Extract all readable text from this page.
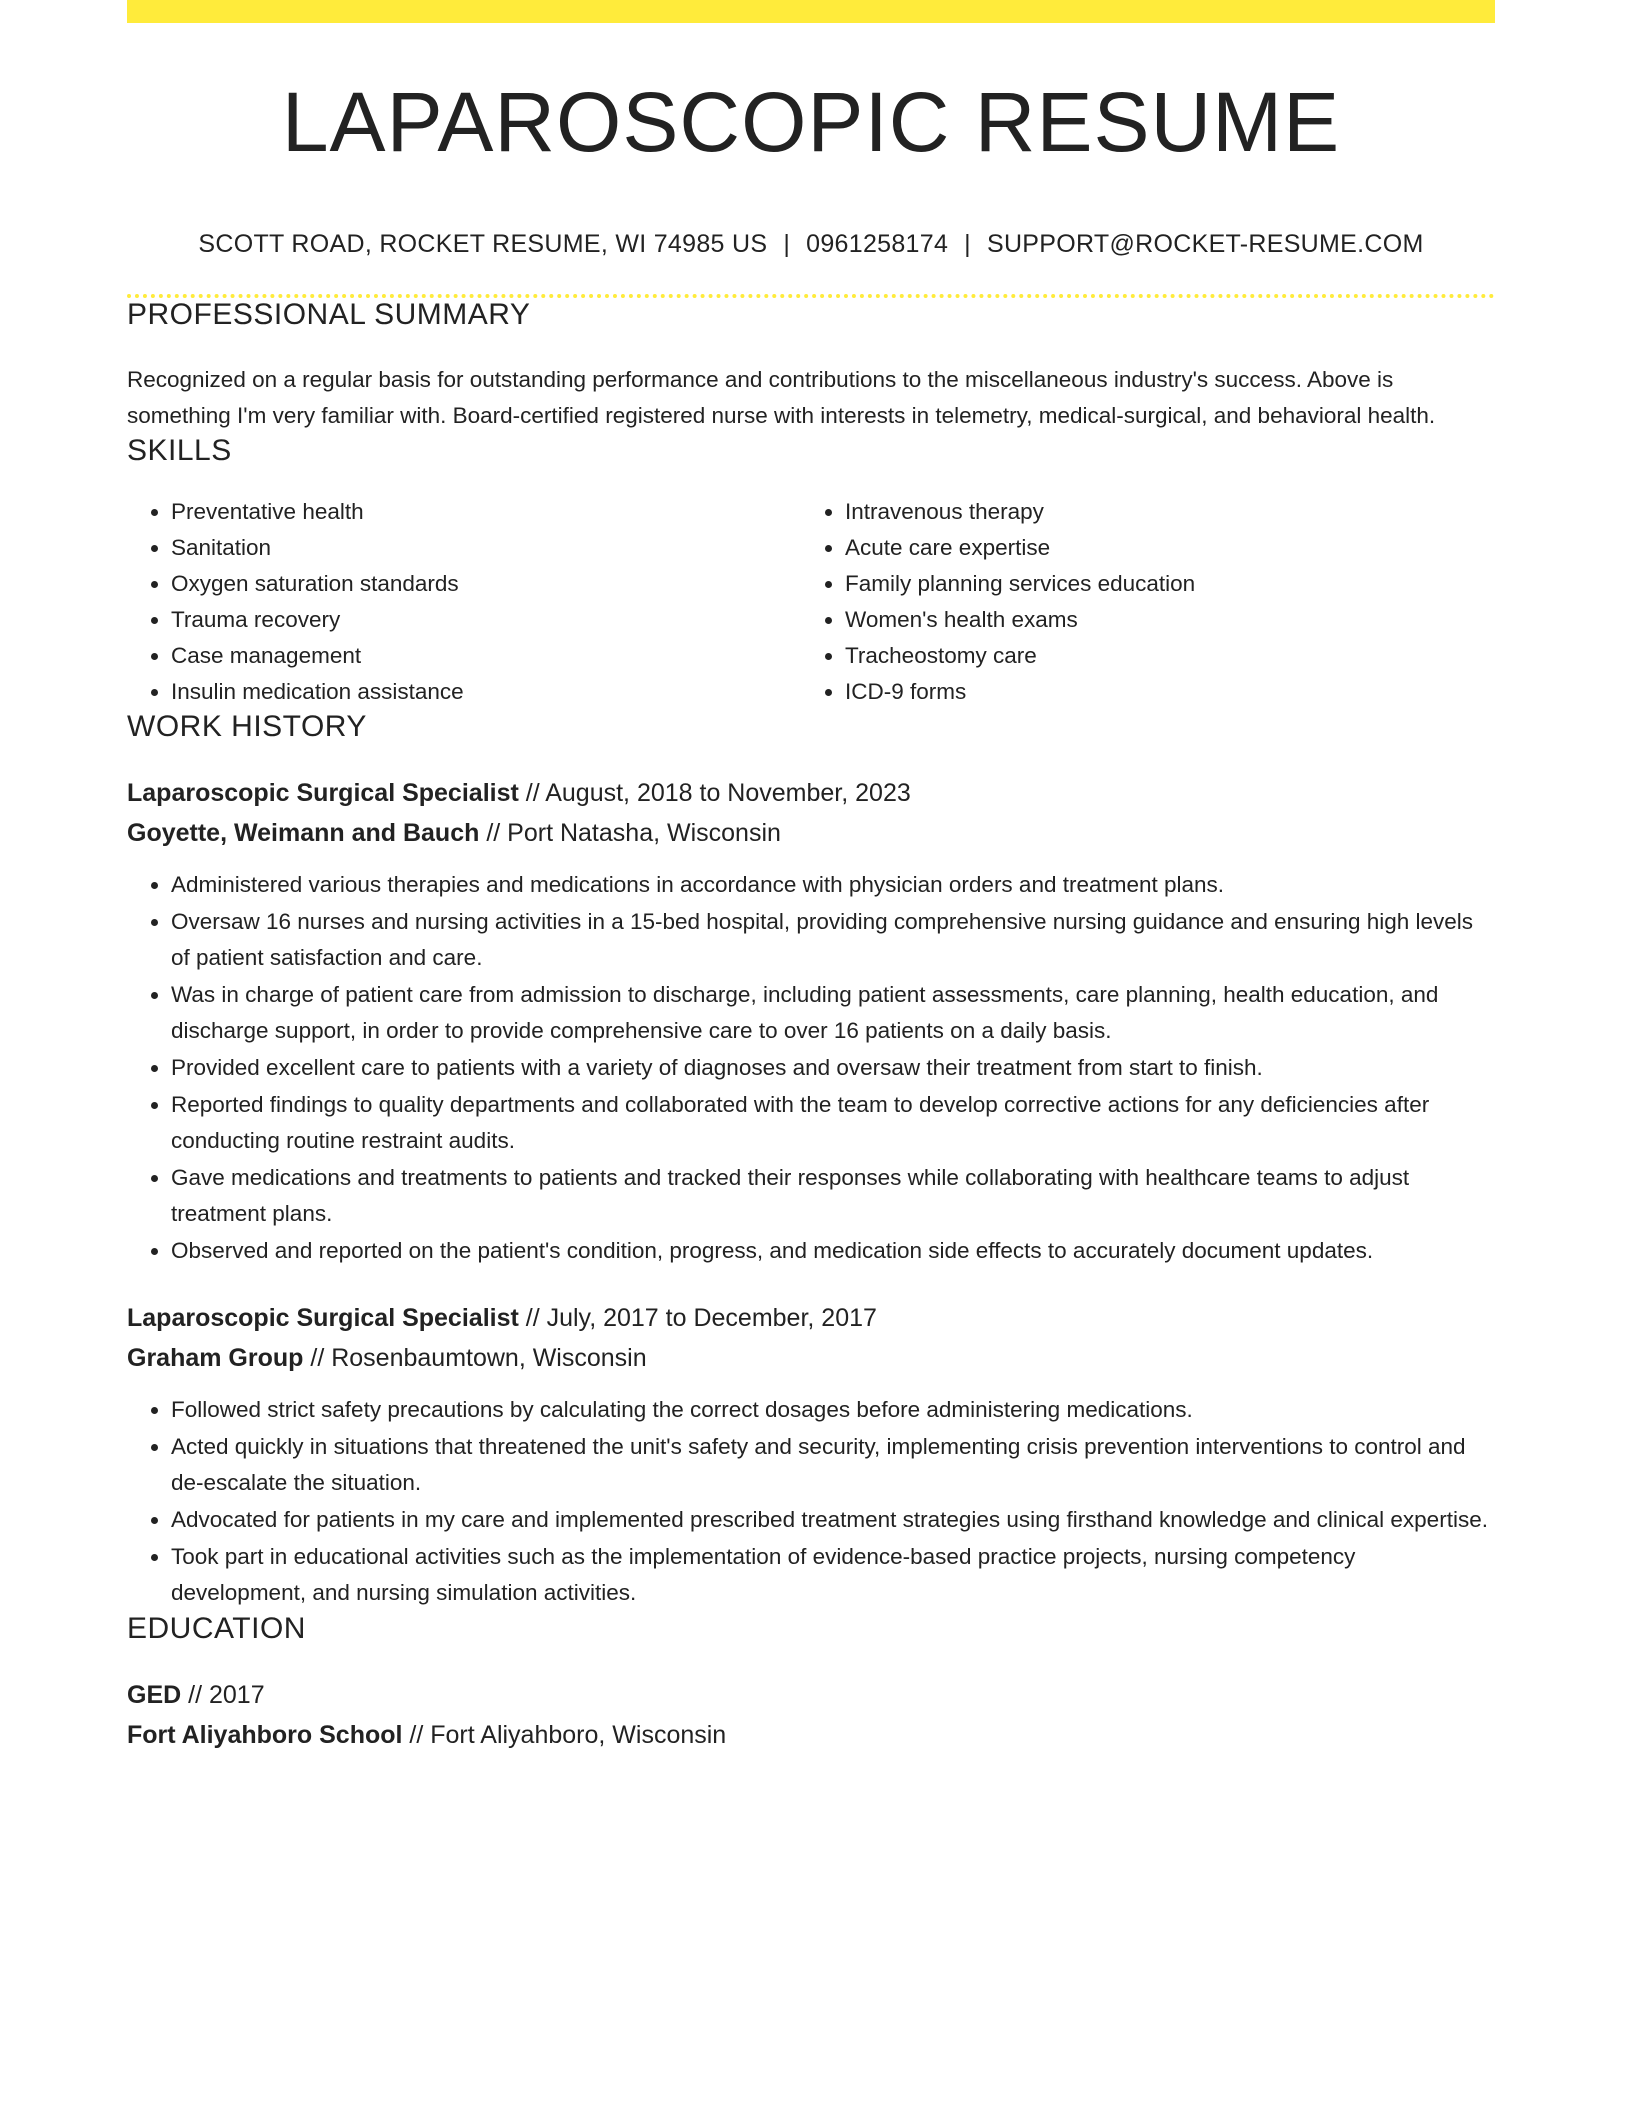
LAPAROSCOPIC RESUME
SCOTT ROAD, ROCKET RESUME, WI 74985 US | 0961258174 | SUPPORT@ROCKET-RESUME.COM
PROFESSIONAL SUMMARY

Recognized on a regular basis for outstanding performance and contributions to the miscellaneous industry's success. Above is something I'm very familiar with. Board-certified registered nurse with interests in telemetry, medical-surgical, and behavioral health.

SKILLS
• Preventative health
• Sanitation
• Oxygen saturation standards
• Trauma recovery
• Case management
• Insulin medication assistance
• Intravenous therapy
• Acute care expertise
• Family planning services education
• Women's health exams
• Tracheostomy care
• ICD-9 forms
WORK HISTORY
Laparoscopic Surgical Specialist // August, 2018 to November, 2023
Goyette, Weimann and Bauch // Port Natasha, Wisconsin
• Administered various therapies and medications in accordance with physician orders and treatment plans.
• Oversaw 16 nurses and nursing activities in a 15-bed hospital, providing comprehensive nursing guidance and ensuring high levels of patient satisfaction and care.
• Was in charge of patient care from admission to discharge, including patient assessments, care planning, health education, and discharge support, in order to provide comprehensive care to over 16 patients on a daily basis.
• Provided excellent care to patients with a variety of diagnoses and oversaw their treatment from start to finish.
• Reported findings to quality departments and collaborated with the team to develop corrective actions for any deficiencies after conducting routine restraint audits.
• Gave medications and treatments to patients and tracked their responses while collaborating with healthcare teams to adjust treatment plans.
• Observed and reported on the patient's condition, progress, and medication side effects to accurately document updates.
Laparoscopic Surgical Specialist // July, 2017 to December, 2017
Graham Group // Rosenbaumtown, Wisconsin
• Followed strict safety precautions by calculating the correct dosages before administering medications.
• Acted quickly in situations that threatened the unit's safety and security, implementing crisis prevention interventions to control and de-escalate the situation.
• Advocated for patients in my care and implemented prescribed treatment strategies using firsthand knowledge and clinical expertise.
• Took part in educational activities such as the implementation of evidence-based practice projects, nursing competency development, and nursing simulation activities.
EDUCATION
GED // 2017
Fort Aliyahboro School // Fort Aliyahboro, Wisconsin
